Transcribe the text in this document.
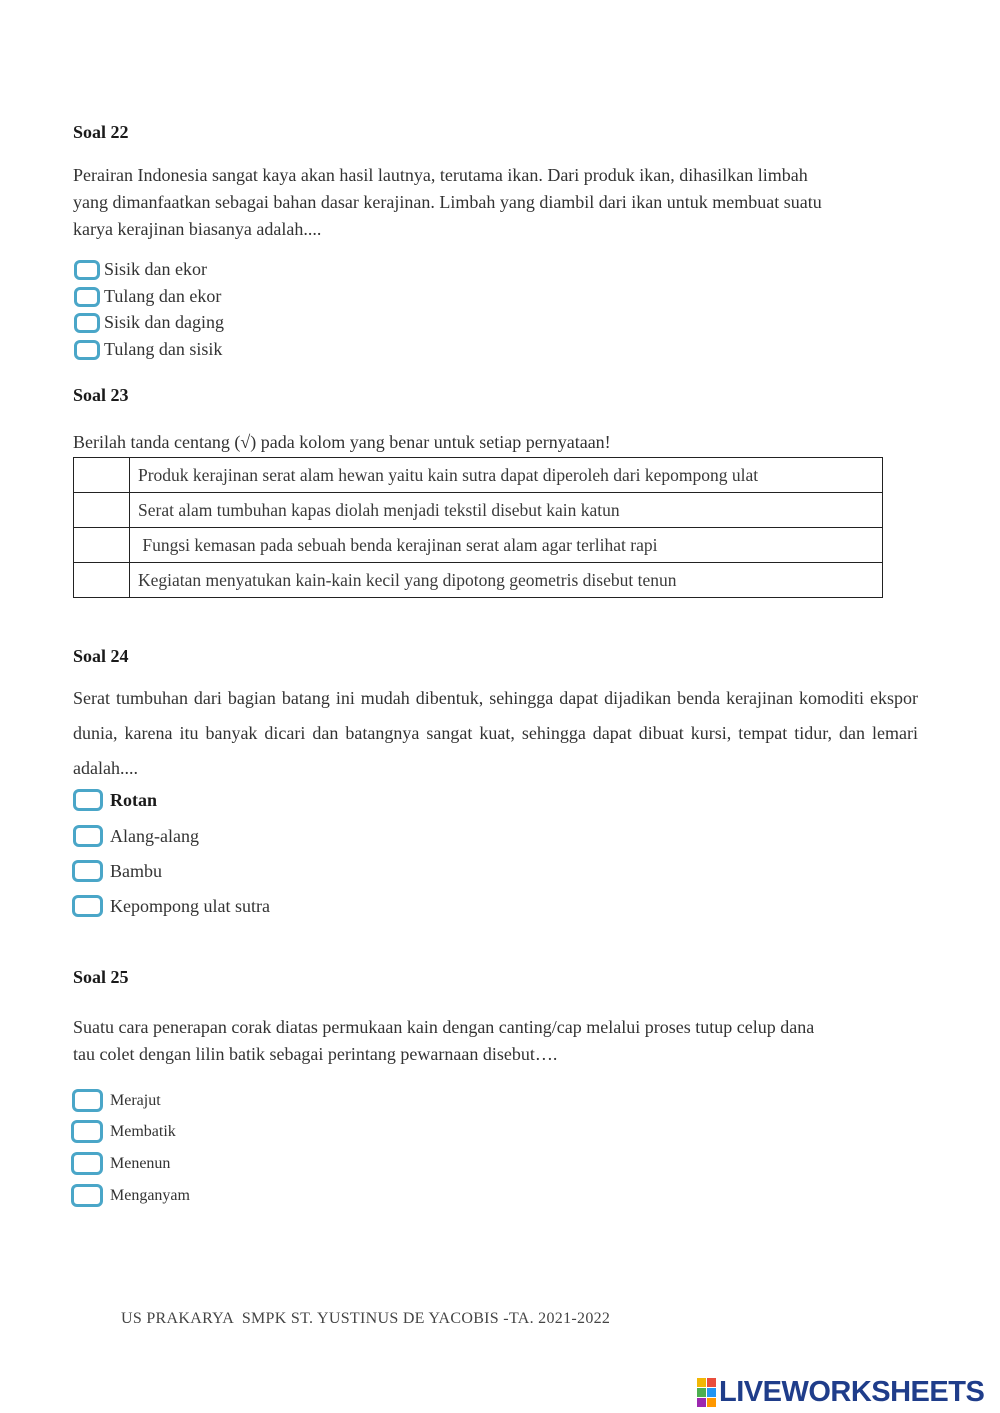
Soal 22
Perairan Indonesia sangat kaya akan hasil lautnya, terutama ikan. Dari produk ikan, dihasilkan limbah
yang dimanfaatkan sebagai bahan dasar kerajinan. Limbah yang diambil dari ikan untuk membuat suatu
karya kerajinan biasanya adalah....
Sisik dan ekor
Tulang dan ekor
Sisik dan daging
Tulang dan sisik
Soal 23
Berilah tanda centang (√) pada kolom yang benar untuk setiap pernyataan!
	Produk kerajinan serat alam hewan yaitu kain sutra dapat diperoleh dari kepompong ulat
	Serat alam tumbuhan kapas diolah menjadi tekstil disebut kain katun
	Fungsi kemasan pada sebuah benda kerajinan serat alam agar terlihat rapi
	Kegiatan menyatukan kain-kain kecil yang dipotong geometris disebut tenun
Soal 24
Serat tumbuhan dari bagian batang ini mudah dibentuk, sehingga dapat dijadikan benda kerajinan komoditi ekspor dunia, karena itu banyak dicari dan batangnya sangat kuat, sehingga dapat dibuat kursi, tempat tidur, dan lemari adalah....
Rotan
Alang-alang
Bambu
Kepompong ulat sutra
Soal 25
Suatu cara penerapan corak diatas permukaan kain dengan canting/cap melalui proses tutup celup dana
tau colet dengan lilin batik sebagai perintang pewarnaan disebut….
Merajut
Membatik
Menenun
Menganyam
US PRAKARYA  SMPK ST. YUSTINUS DE YACOBIS -TA. 2021-2022
LIVEWORKSHEETS
